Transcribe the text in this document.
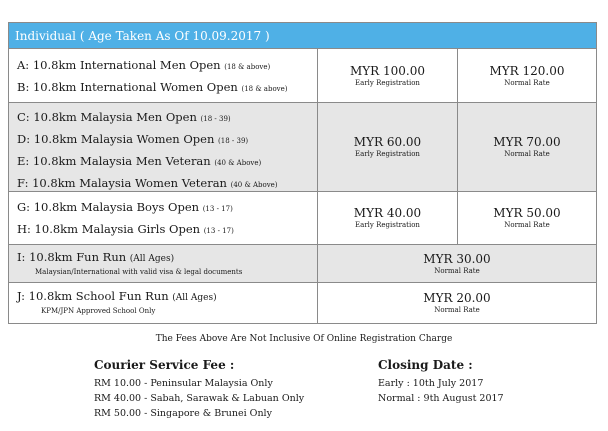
Individual ( Age Taken As Of 10.09.2017 )
A: 10.8km International Men Open (18 & above)
B: 10.8km International Women Open (18 & above)
MYR 100.00
Early Registration
MYR 120.00
Normal Rate
C: 10.8km Malaysia Men Open (18 - 39)
D: 10.8km Malaysia Women Open (18 - 39)
E: 10.8km Malaysia Men Veteran (40 & Above)
F: 10.8km Malaysia Women Veteran (40 & Above)
MYR 60.00
Early Registration
MYR 70.00
Normal Rate
G: 10.8km Malaysia Boys Open (13 - 17)
H: 10.8km Malaysia Girls Open (13 - 17)
MYR 40.00
Early Registration
MYR 50.00
Normal Rate
I: 10.8km Fun Run (All Ages)
Malaysian/International with valid visa & legal documents
MYR 30.00
Normal Rate
J: 10.8km School Fun Run (All Ages)
KPM/JPN Approved School Only
MYR 20.00
Normal Rate
The Fees Above Are Not Inclusive Of Online Registration Charge
Courier Service Fee :
RM 10.00 - Peninsular Malaysia Only
RM 40.00 - Sabah, Sarawak & Labuan Only
RM 50.00 - Singapore & Brunei Only
Closing Date :
Early : 10th July 2017
Normal : 9th August 2017
